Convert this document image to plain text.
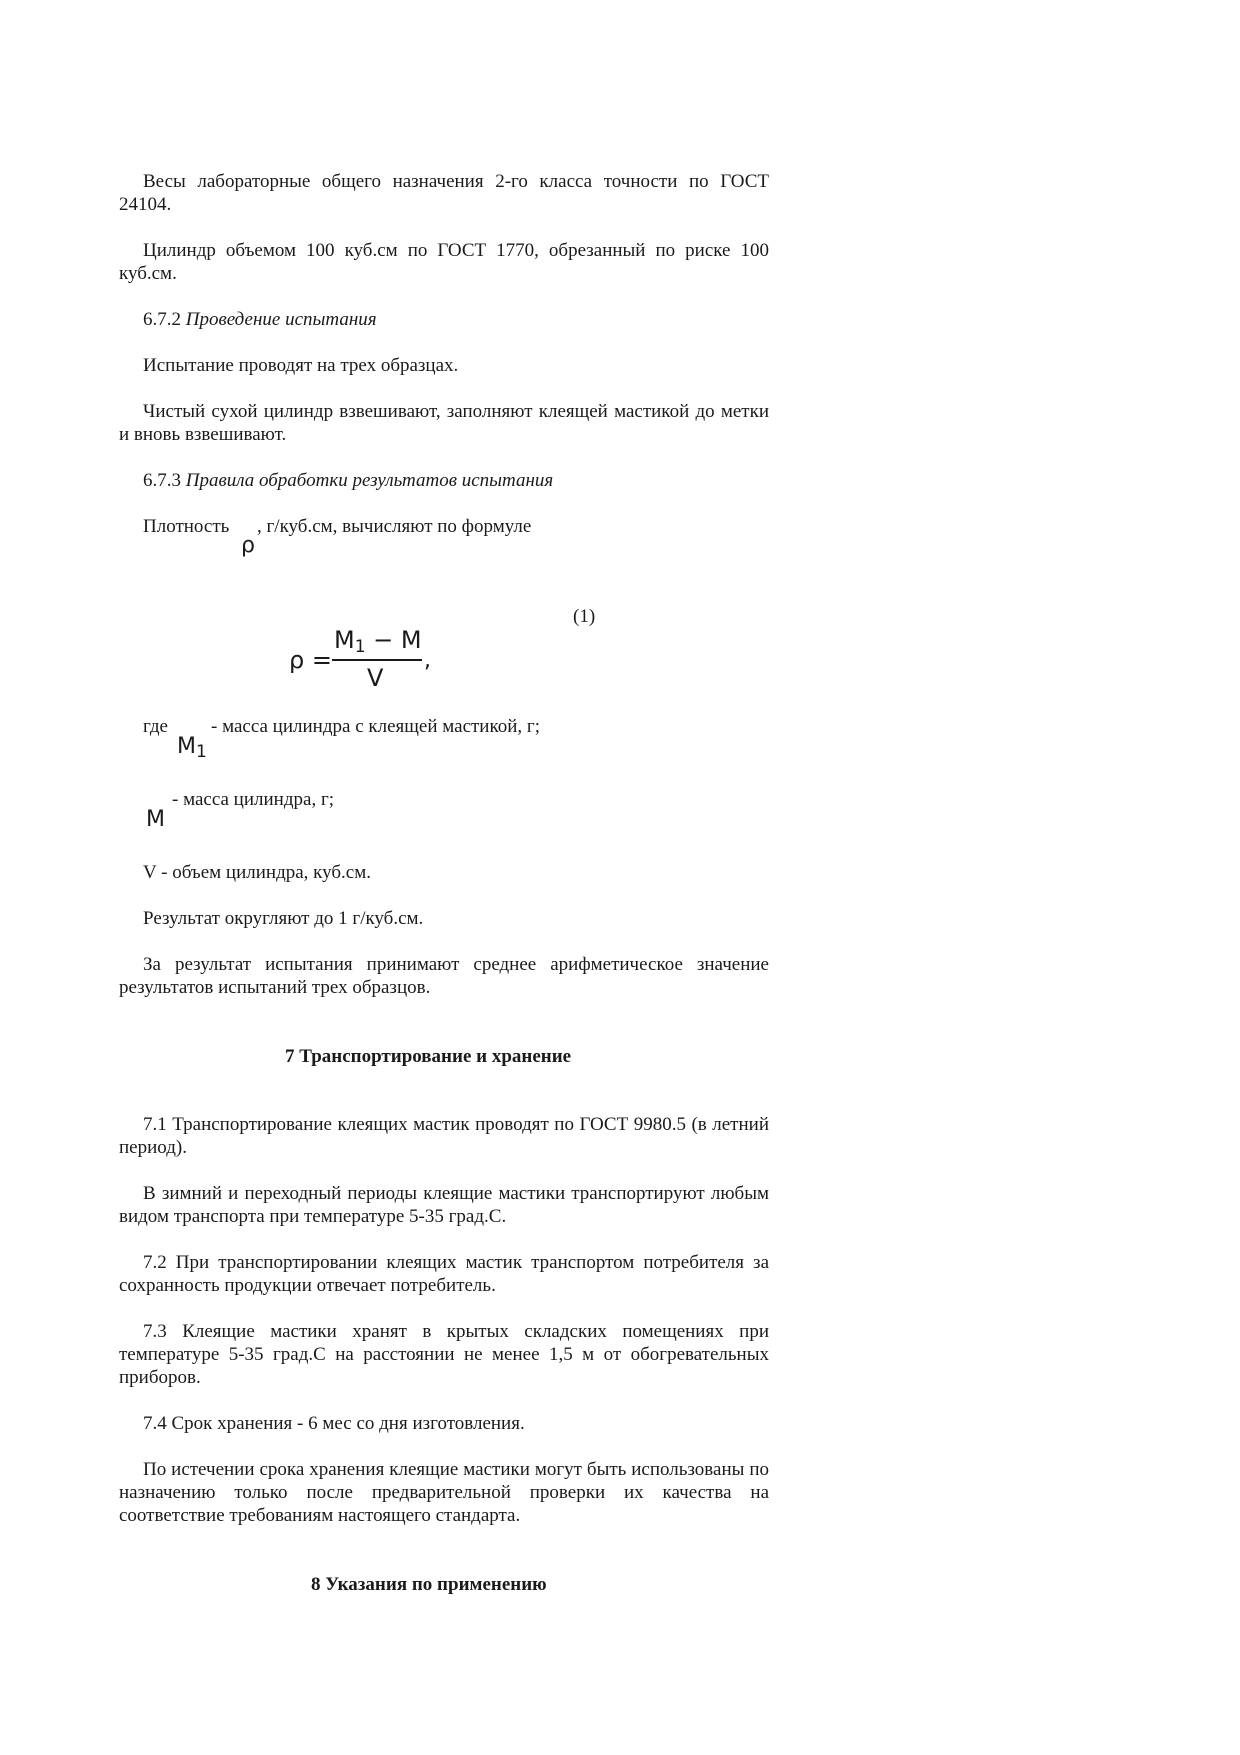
Весы лабораторные общего назначения 2-го класса точности по ГОСТ 24104.

Цилиндр объемом 100 куб.см по ГОСТ 1770, обрезанный по риске 100 куб.см.

6.7.2 Проведение испытания

Испытание проводят на трех образцах.

Чистый сухой цилиндр взвешивают, заполняют клеящей мастикой до метки и вновь взвешивают.

6.7.3 Правила обработки результатов испытания

Плотность
ρ
, г/куб.см, вычисляют по формуле
(1)
ρ =
$M_1 - M$
V
,
где
$M_1$
- масса цилиндра с клеящей мастикой, г;
M
- масса цилиндра, г;

V - объем цилиндра, куб.см.

Результат округляют до 1 г/куб.см.

За результат испытания принимают среднее арифметическое значение результатов испытаний трех образцов.

7 Транспортирование и хранение

7.1 Транспортирование клеящих мастик проводят по ГОСТ 9980.5 (в летний период).

В зимний и переходный периоды клеящие мастики транспортируют любым видом транспорта при температуре 5-35 град.С.

7.2 При транспортировании клеящих мастик транспортом потребителя за сохранность продукции отвечает потребитель.

7.3 Клеящие мастики хранят в крытых складских помещениях при температуре 5-35 град.С на расстоянии не менее 1,5 м от обогревательных приборов.

7.4 Срок хранения - 6 мес со дня изготовления.

По истечении срока хранения клеящие мастики могут быть использованы по назначению только после предварительной проверки их качества на соответствие требованиям настоящего стандарта.

8 Указания по применению
